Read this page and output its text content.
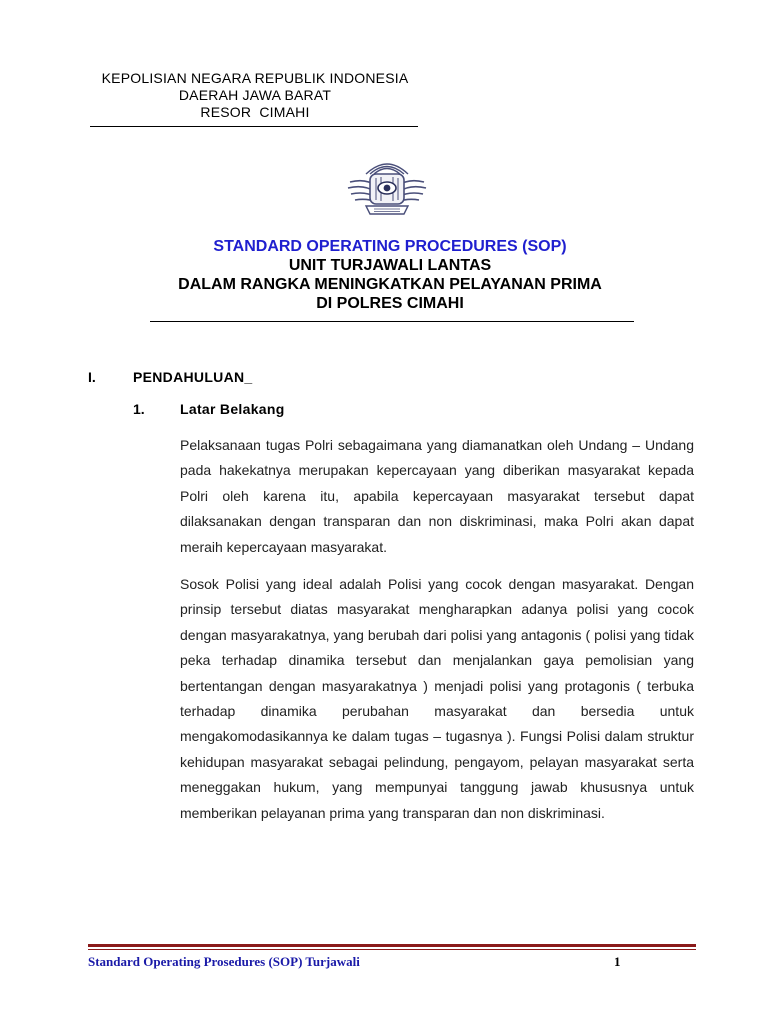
KEPOLISIAN NEGARA REPUBLIK INDONESIA
DAERAH JAWA BARAT
RESOR  CIMAHI
STANDARD OPERATING PROCEDURES (SOP)
UNIT TURJAWALI LANTAS
DALAM RANGKA MENINGKATKAN PELAYANAN PRIMA
DI POLRES CIMAHI
I.	PENDAHULUAN_
1.	Latar Belakang

Pelaksanaan tugas Polri sebagaimana yang diamanatkan oleh Undang – Undang pada hakekatnya merupakan kepercayaan yang diberikan masyarakat kepada Polri oleh karena itu, apabila kepercayaan masyarakat tersebut dapat dilaksanakan dengan transparan dan non diskriminasi, maka Polri akan dapat meraih kepercayaan masyarakat.

Sosok Polisi yang ideal adalah Polisi yang cocok dengan masyarakat. Dengan prinsip tersebut diatas masyarakat mengharapkan adanya polisi yang cocok dengan masyarakatnya, yang berubah dari polisi yang antagonis ( polisi yang tidak peka terhadap dinamika tersebut dan menjalankan gaya pemolisian yang bertentangan dengan masyarakatnya ) menjadi polisi yang protagonis ( terbuka terhadap dinamika perubahan masyarakat dan bersedia untuk mengakomodasikannya ke dalam tugas – tugasnya ). Fungsi Polisi dalam struktur kehidupan masyarakat sebagai pelindung, pengayom, pelayan masyarakat serta meneggakan hukum, yang mempunyai tanggung jawab khususnya untuk memberikan pelayanan prima yang transparan dan non diskriminasi.

Standard Operating Prosedures (SOP) Turjawali	1
